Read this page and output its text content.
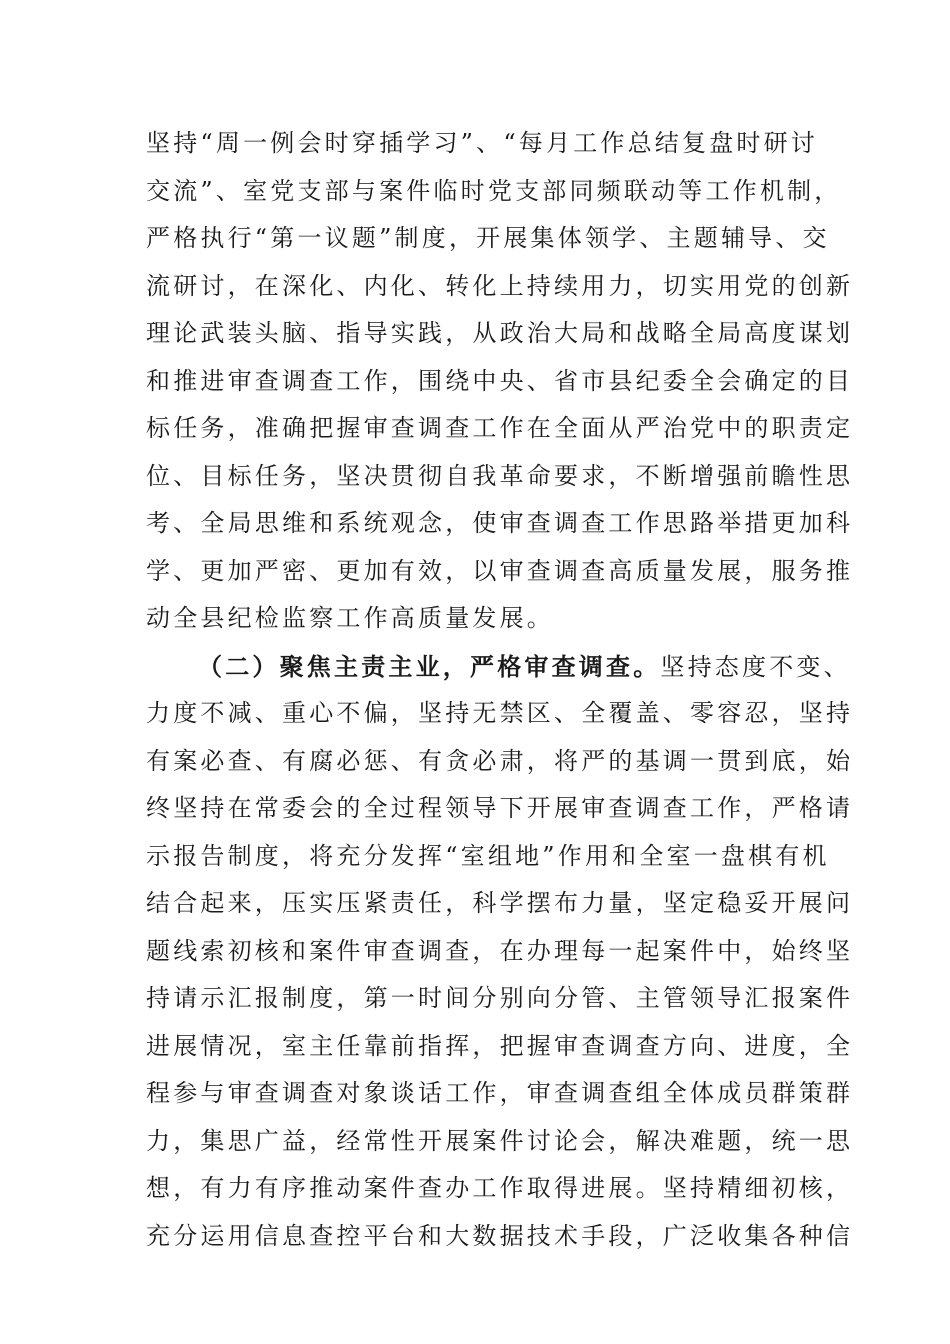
坚持“周一例会时穿插学习”、“每月工作总结复盘时研讨
交流”、室党支部与案件临时党支部同频联动等工作机制，
严格执行“第一议题”制度，开展集体领学、主题辅导、交
流研讨，在深化、内化、转化上持续用力，切实用党的创新
理论武装头脑、指导实践，从政治大局和战略全局高度谋划
和推进审查调查工作，围绕中央、省市县纪委全会确定的目
标任务，准确把握审查调查工作在全面从严治党中的职责定
位、目标任务，坚决贯彻自我革命要求，不断增强前瞻性思
考、全局思维和系统观念，使审查调查工作思路举措更加科
学、更加严密、更加有效，以审查调查高质量发展，服务推
动全县纪检监察工作高质量发展。

（二）聚焦主责主业，严格审查调查。坚持态度不变、
力度不减、重心不偏，坚持无禁区、全覆盖、零容忍，坚持
有案必查、有腐必惩、有贪必肃，将严的基调一贯到底，始
终坚持在常委会的全过程领导下开展审查调查工作，严格请
示报告制度，将充分发挥“室组地”作用和全室一盘棋有机
结合起来，压实压紧责任，科学摆布力量，坚定稳妥开展问
题线索初核和案件审查调查，在办理每一起案件中，始终坚
持请示汇报制度，第一时间分别向分管、主管领导汇报案件
进展情况，室主任靠前指挥，把握审查调查方向、进度，全
程参与审查调查对象谈话工作，审查调查组全体成员群策群
力，集思广益，经常性开展案件讨论会，解决难题，统一思
想，有力有序推动案件查办工作取得进展。坚持精细初核，
充分运用信息查控平台和大数据技术手段，广泛收集各种信
